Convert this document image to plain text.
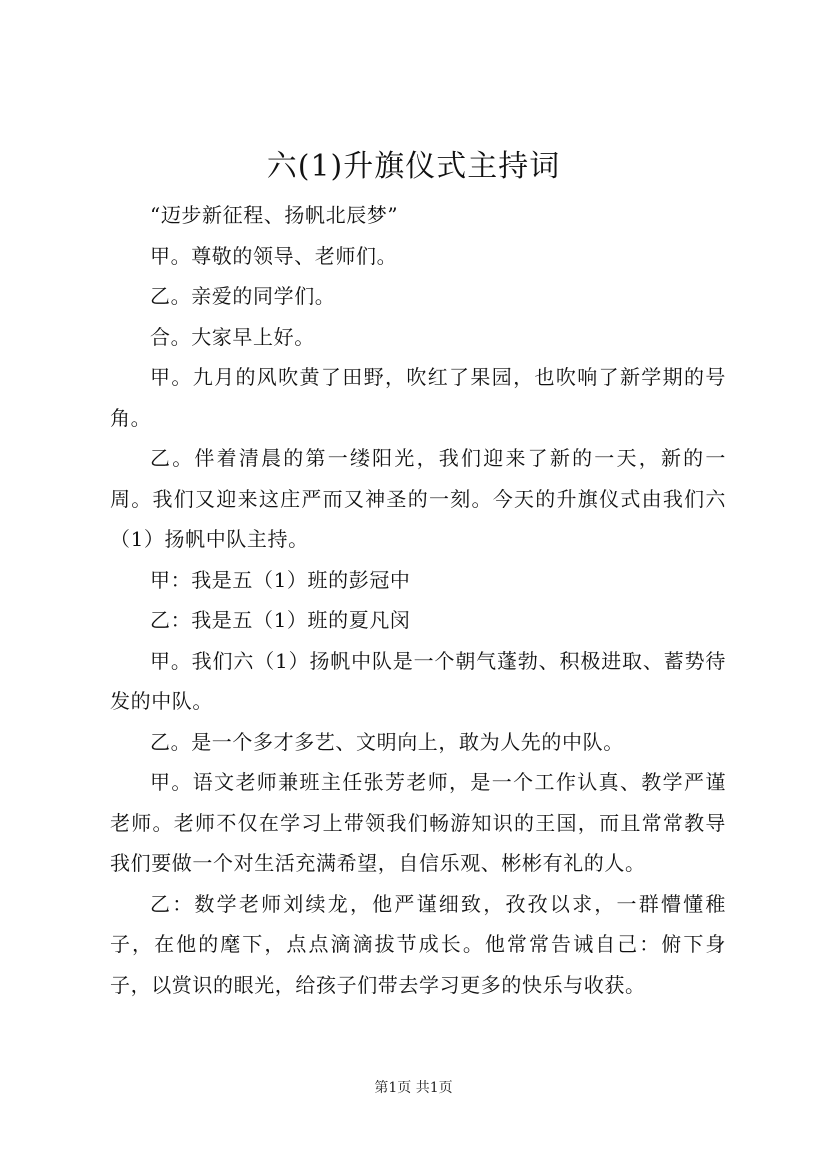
六(1)升旗仪式主持词

“迈步新征程、扬帆北辰梦”

甲。尊敬的领导、老师们。

乙。亲爱的同学们。

合。大家早上好。

甲。九月的风吹黄了田野，吹红了果园，也吹响了新学期的号角。

乙。伴着清晨的第一缕阳光，我们迎来了新的一天，新的一周。我们又迎来这庄严而又神圣的一刻。今天的升旗仪式由我们六（1）扬帆中队主持。

甲：我是五（1）班的彭冠中

乙：我是五（1）班的夏凡闵

甲。我们六（1）扬帆中队是一个朝气蓬勃、积极进取、蓄势待发的中队。

乙。是一个多才多艺、文明向上，敢为人先的中队。

甲。语文老师兼班主任张芳老师，是一个工作认真、教学严谨老师。老师不仅在学习上带领我们畅游知识的王国，而且常常教导我们要做一个对生活充满希望，自信乐观、彬彬有礼的人。

乙：数学老师刘续龙，他严谨细致，孜孜以求，一群懵懂稚子，在他的麾下，点点滴滴拔节成长。他常常告诫自己：俯下身子，以赏识的眼光，给孩子们带去学习更多的快乐与收获。

第1页 共1页
